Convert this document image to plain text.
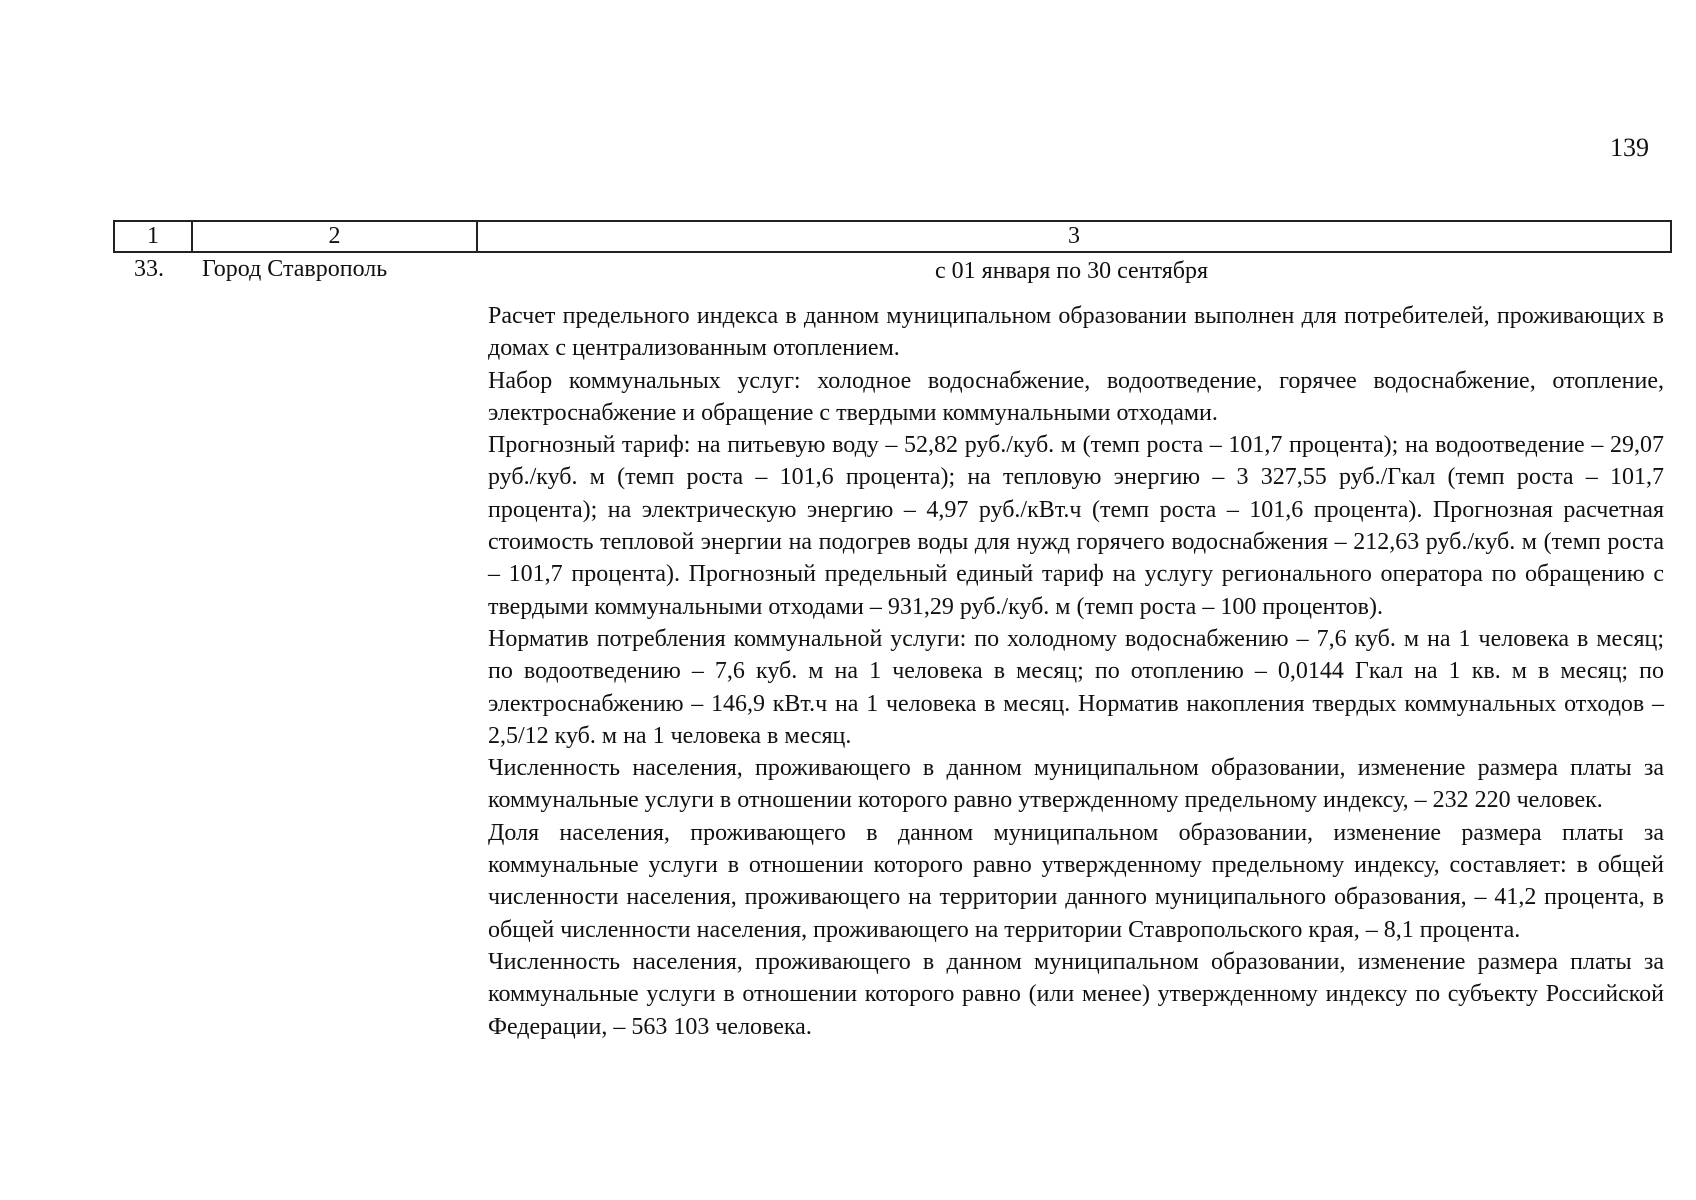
139
1	2	3
33. Город Ставрополь	с 01 января по 30 сентября

Расчет предельного индекса в данном муниципальном образовании выполнен для потребителей, проживающих в домах с централизованным отоплением.

Набор коммунальных услуг: холодное водоснабжение, водоотведение, горячее водоснабжение, отопление, электроснабжение и обращение с твердыми коммунальными отходами.

Прогнозный тариф: на питьевую воду – 52,82 руб./куб. м (темп роста – 101,7 процента); на водоотведение – 29,07 руб./куб. м (темп роста – 101,6 процента); на тепловую энергию – 3 327,55 руб./Гкал (темп роста – 101,7 процента); на электрическую энергию – 4,97 руб./кВт.ч (темп роста – 101,6 процента). Прогнозная расчетная стоимость тепловой энергии на подогрев воды для нужд горячего водоснабжения – 212,63 руб./куб. м (темп роста – 101,7 процента). Прогнозный предельный единый тариф на услугу регионального оператора по обращению с твердыми коммунальными отходами – 931,29 руб./куб. м (темп роста – 100 процентов).

Норматив потребления коммунальной услуги: по холодному водоснабжению – 7,6 куб. м на 1 человека в месяц; по водоотведению – 7,6 куб. м на 1 человека в месяц; по отоплению – 0,0144 Гкал на 1 кв. м в месяц; по электроснабжению – 146,9 кВт.ч на 1 человека в месяц. Норматив накопления твердых коммунальных отходов – 2,5/12 куб. м на 1 человека в месяц.

Численность населения, проживающего в данном муниципальном образовании, изменение размера платы за коммунальные услуги в отношении которого равно утвержденному предельному индексу, – 232 220 человек.

Доля населения, проживающего в данном муниципальном образовании, изменение размера платы за коммунальные услуги в отношении которого равно утвержденному предельному индексу, составляет: в общей численности населения, проживающего на территории данного муниципального образования, – 41,2 процента, в общей численности населения, проживающего на территории Ставропольского края, – 8,1 процента.

Численность населения, проживающего в данном муниципальном образовании, изменение размера платы за коммунальные услуги в отношении которого равно (или менее) утвержденному индексу по субъекту Российской Федерации, – 563 103 человека.
